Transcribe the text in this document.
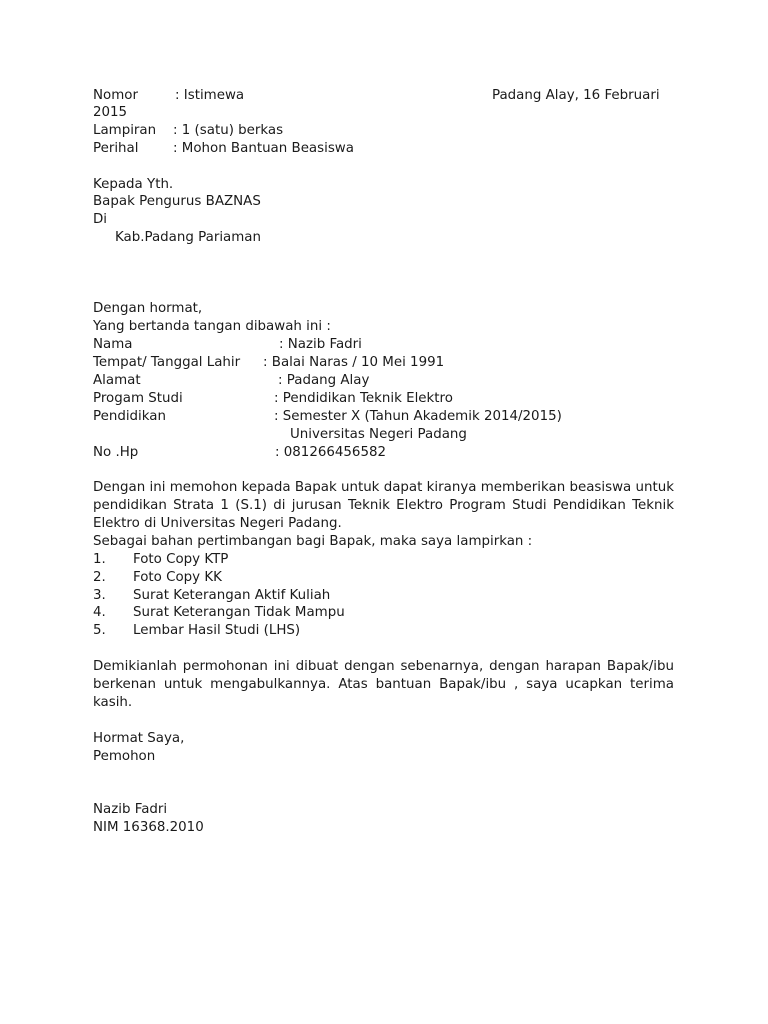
Nomor	: Istimewa	Padang Alay, 16 Februari
2015
Lampiran : 1 (satu) berkas
Perihal	: Mohon Bantuan Beasiswa
Kepada Yth.
Bapak Pengurus BAZNAS
Di
Kab.Padang Pariaman
Dengan hormat,
Yang bertanda tangan dibawah ini :
Nama	: Nazib Fadri
Tempat/ Tanggal Lahir : Balai Naras / 10 Mei 1991
Alamat	: Padang Alay
Progam Studi	: Pendidikan Teknik Elektro
Pendidikan	: Semester X (Tahun Akademik 2014/2015)
Universitas Negeri Padang
No .Hp	: 081266456582
Dengan ini memohon kepada Bapak untuk dapat kiranya memberikan beasiswa untuk pendidikan Strata 1 (S.1) di jurusan Teknik Elektro Program Studi Pendidikan Teknik Elektro di Universitas Negeri Padang.
Sebagai bahan pertimbangan bagi Bapak, maka saya lampirkan :
1. Foto Copy KTP
2. Foto Copy KK
3. Surat Keterangan Aktif Kuliah
4. Surat Keterangan Tidak Mampu
5. Lembar Hasil Studi (LHS)
Demikianlah permohonan ini dibuat dengan sebenarnya, dengan harapan Bapak/ibu berkenan untuk mengabulkannya. Atas bantuan Bapak/ibu , saya ucapkan terima kasih.
Hormat Saya,
Pemohon
Nazib Fadri
NIM 16368.2010
